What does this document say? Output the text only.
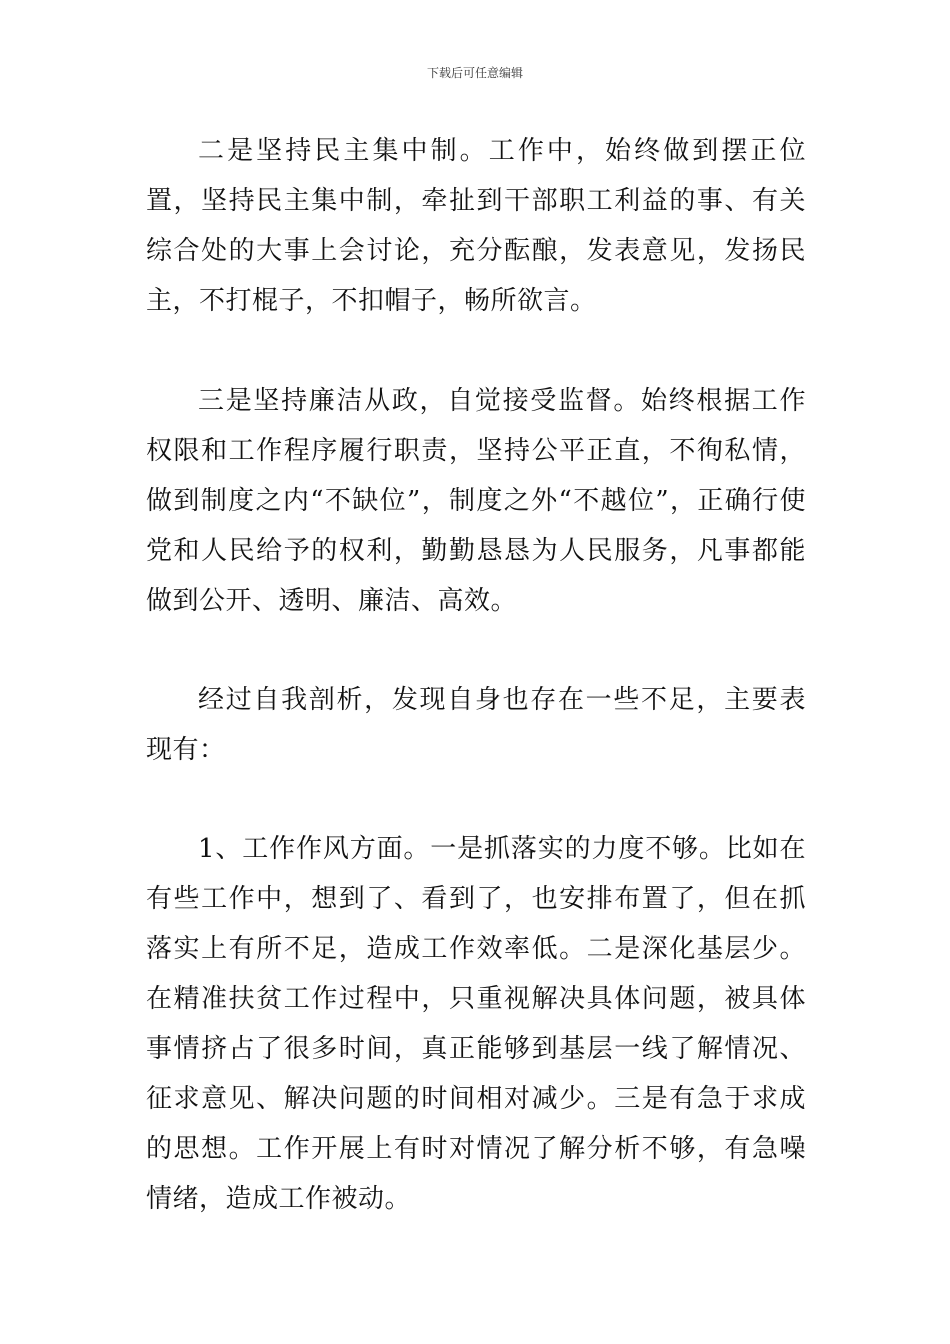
下载后可任意编辑

二是坚持民主集中制。工作中，始终做到摆正位置，坚持民主集中制，牵扯到干部职工利益的事、有关综合处的大事上会讨论，充分酝酿，发表意见，发扬民主，不打棍子，不扣帽子，畅所欲言。

三是坚持廉洁从政，自觉接受监督。始终根据工作权限和工作程序履行职责，坚持公平正直，不徇私情，做到制度之内“不缺位”，制度之外“不越位”，正确行使党和人民给予的权利，勤勤恳恳为人民服务，凡事都能做到公开、透明、廉洁、高效。

经过自我剖析，发现自身也存在一些不足，主要表现有：

1、工作作风方面。一是抓落实的力度不够。比如在有些工作中，想到了、看到了，也安排布置了，但在抓落实上有所不足，造成工作效率低。二是深化基层少。在精准扶贫工作过程中，只重视解决具体问题，被具体事情挤占了很多时间，真正能够到基层一线了解情况、征求意见、解决问题的时间相对减少。三是有急于求成的思想。工作开展上有时对情况了解分析不够，有急噪情绪，造成工作被动。
